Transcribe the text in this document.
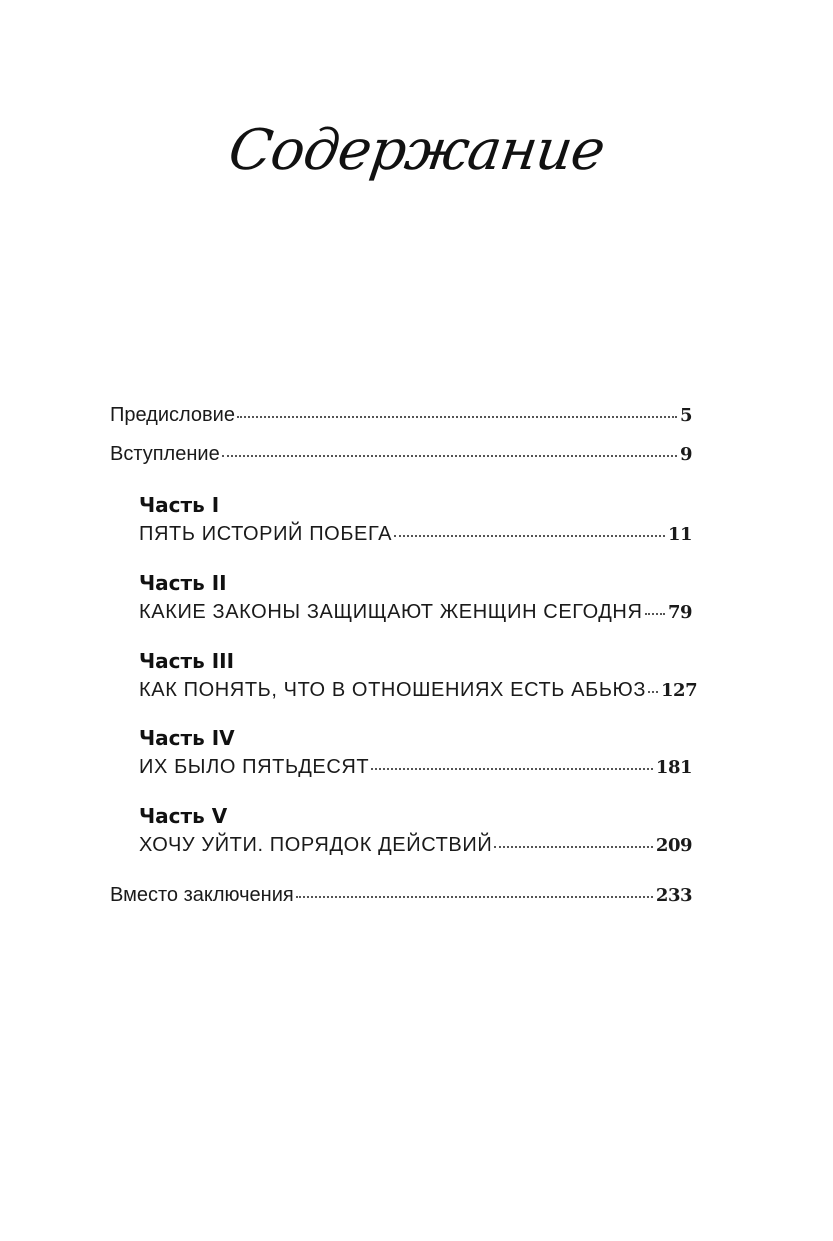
Содержание
Предисловие	5
Вступление	9
Часть I
ПЯТЬ ИСТОРИЙ ПОБЕГА	11
Часть II
КАКИЕ ЗАКОНЫ ЗАЩИЩАЮТ ЖЕНЩИН СЕГОДНЯ 79
Часть III
КАК ПОНЯТЬ, ЧТО В ОТНОШЕНИЯХ ЕСТЬ АБЬЮЗ 127
Часть IV
ИХ БЫЛО ПЯТЬДЕСЯТ	181
Часть V
ХОЧУ УЙТИ. ПОРЯДОК ДЕЙСТВИЙ	209
Вместо заключения	233
